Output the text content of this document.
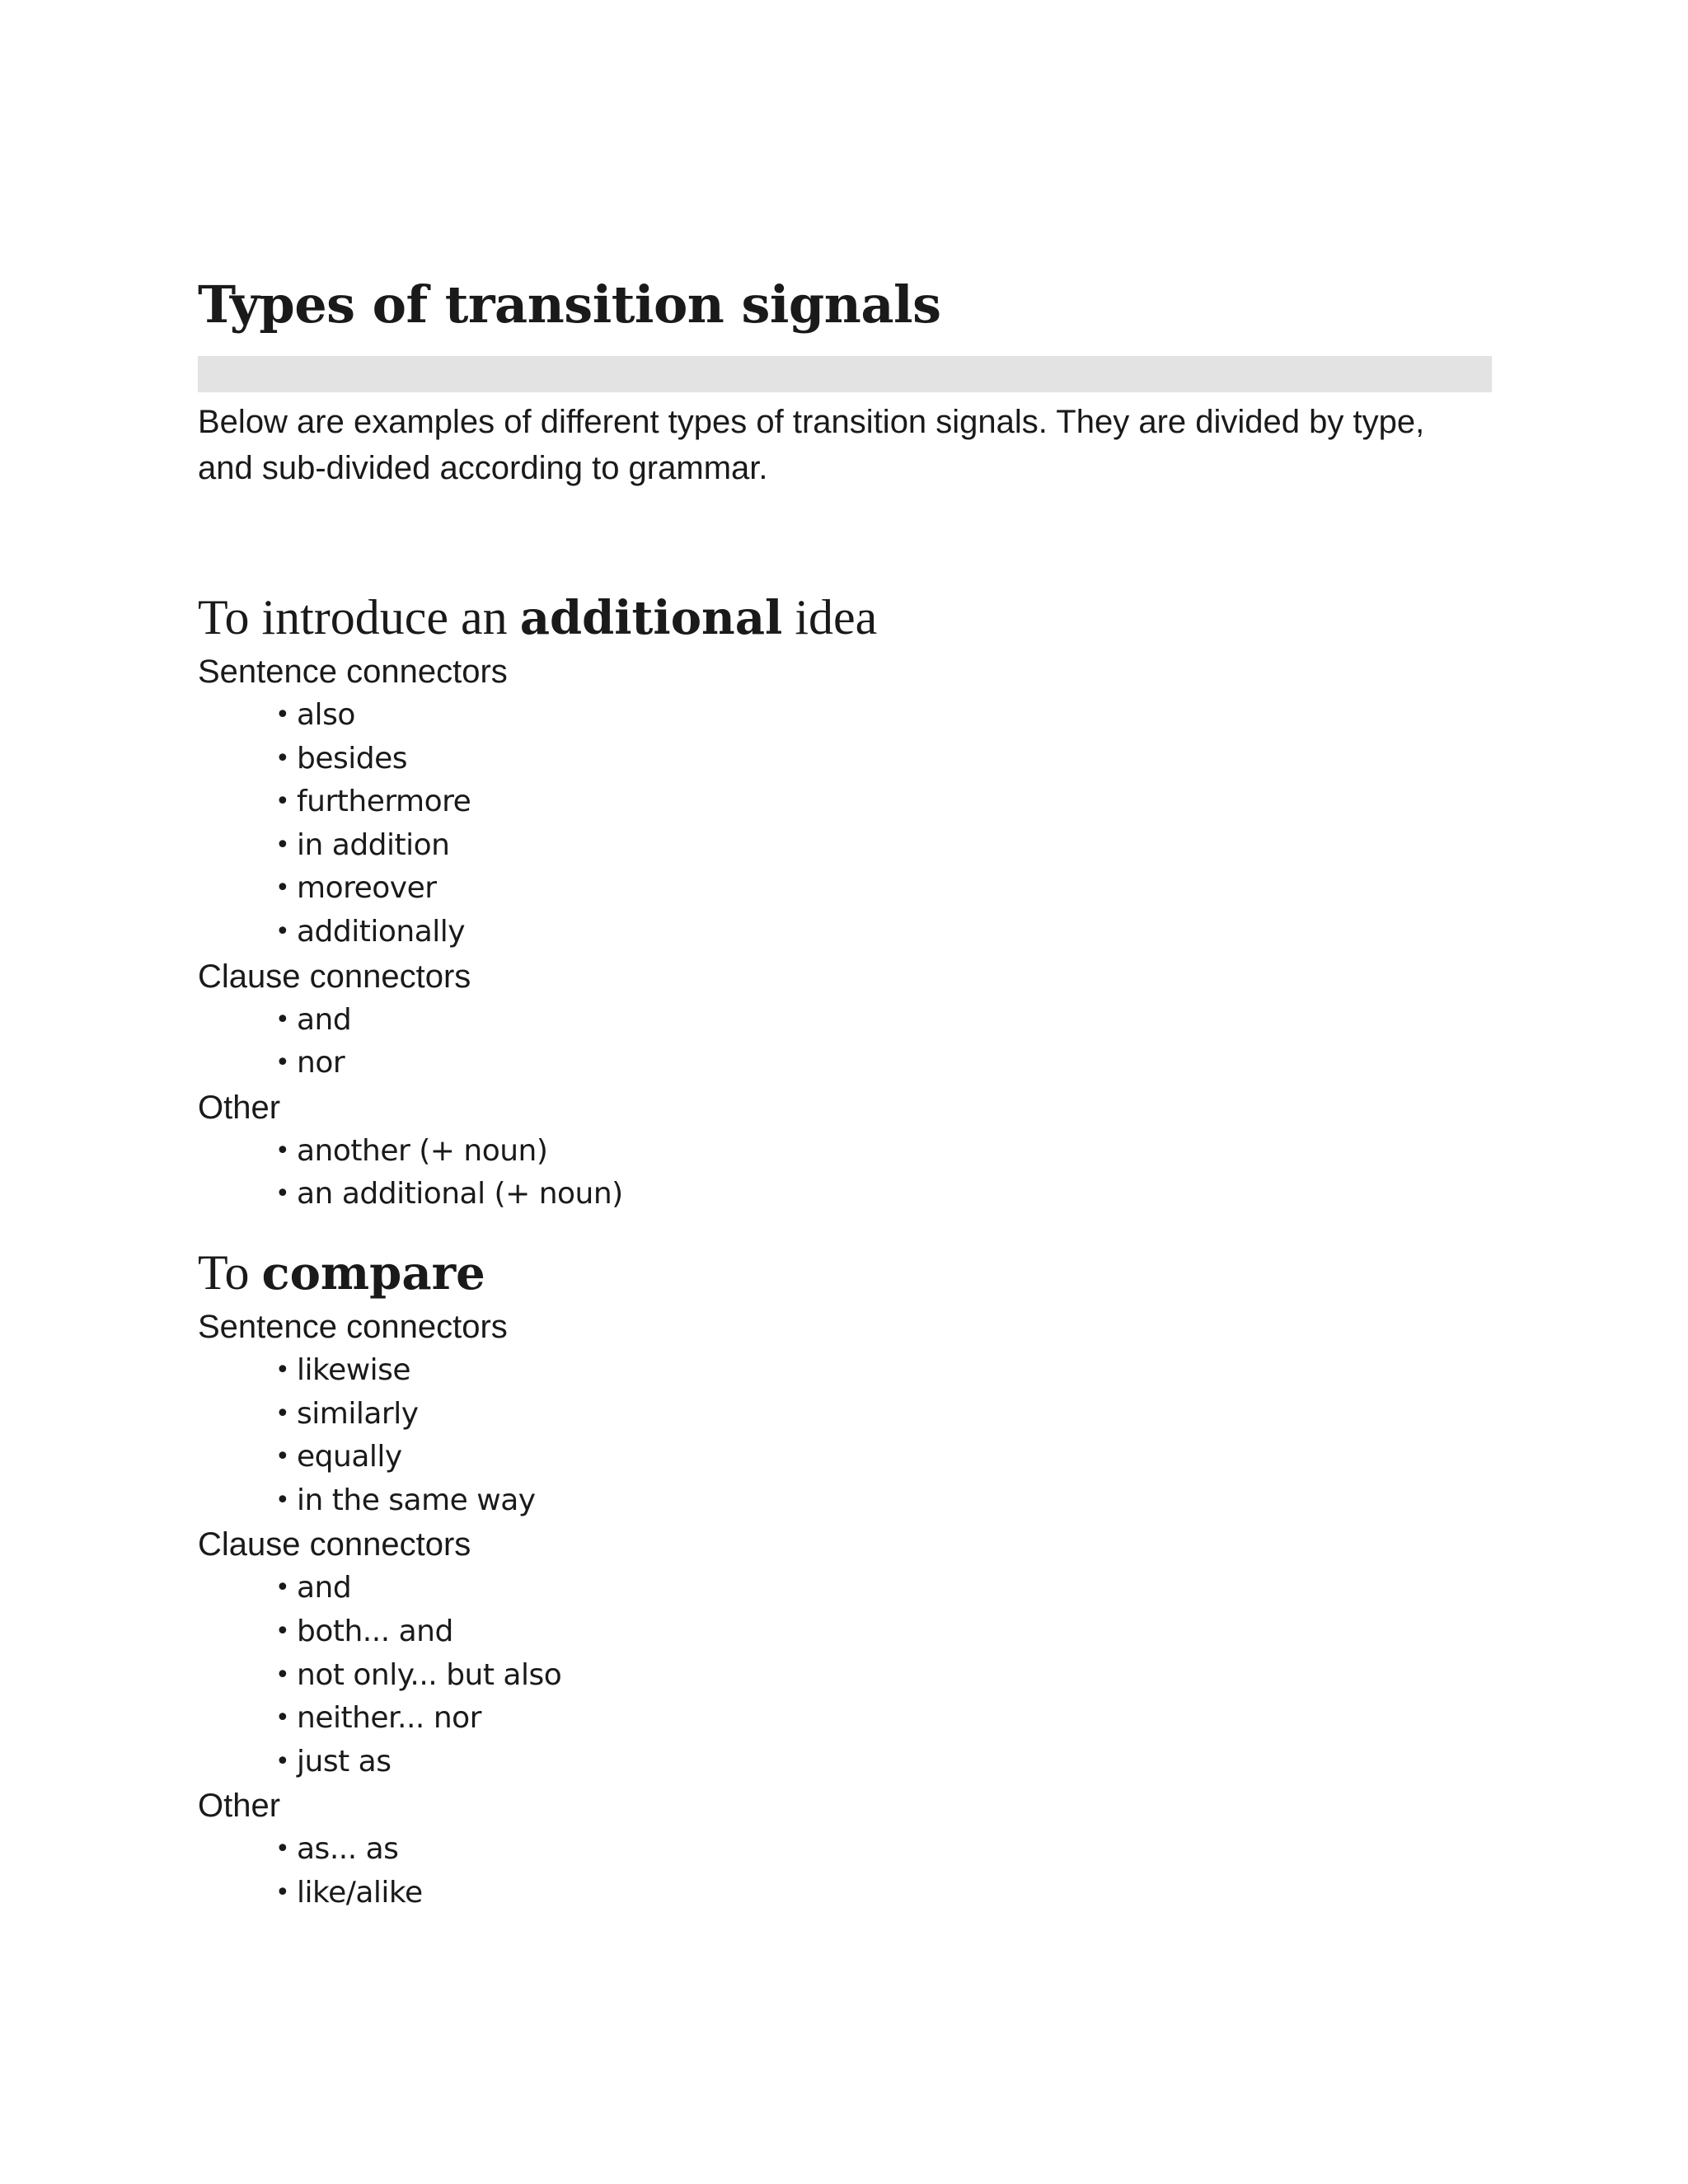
Types of transition signals

Below are examples of different types of transition signals. They are divided by type, and sub-divided according to grammar.

To introduce an additional idea

Sentence connectors

• also
• besides
• furthermore
• in addition
• moreover
• additionally

Clause connectors

• and
• nor

Other

• another (+ noun)
• an additional (+ noun)
To compare

Sentence connectors

• likewise
• similarly
• equally
• in the same way

Clause connectors

• and
• both... and
• not only... but also
• neither... nor
• just as

Other

• as... as
• like/alike
